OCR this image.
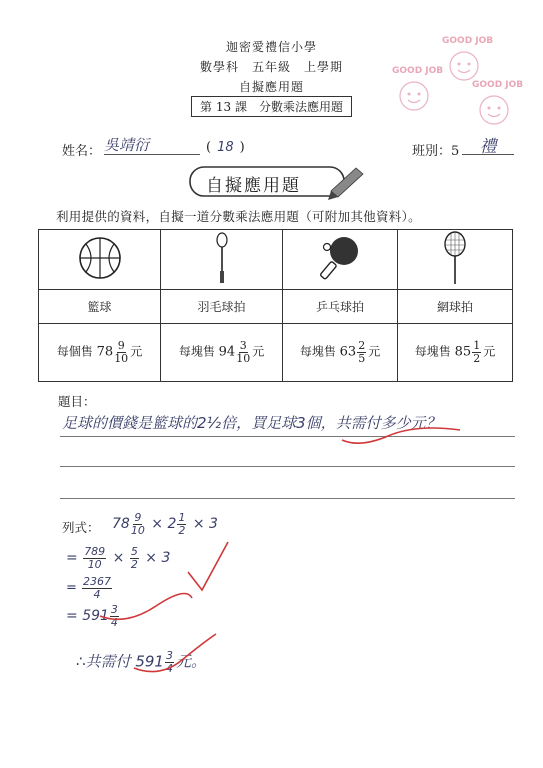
迦密愛禮信小學
數學科　五年級　上學期
自擬應用題
第 13 課　分數乘法應用題
GOOD JOB
GOOD JOB
GOOD JOB
姓名： 吳靖衍	( 18 )	班別：5	禮
自擬應用題
利用提供的資料，自擬一道分數乘法應用題（可附加其他資料）。

籃球	羽毛球拍	乒乓球拍	網球拍
每個售 $78 \frac{9}{10}$ 元	每塊售 $94 \frac{3}{10}$ 元	每塊售 $63 \frac{2}{5}$ 元	每塊售 $85 \frac{1}{2}$ 元
題目：
足球的價錢是籃球的2½倍，買足球3個，共需付多少元？
列式： $78 \frac{9}{10} \times 2 \frac{1}{2} \times 3$
= $\frac{789}{10} \times \frac{5}{2} \times 3$
= $\frac{2367}{4}$
= $591 \frac{3}{4}$
∴共需付 $591 \frac{3}{4}$ 元。
